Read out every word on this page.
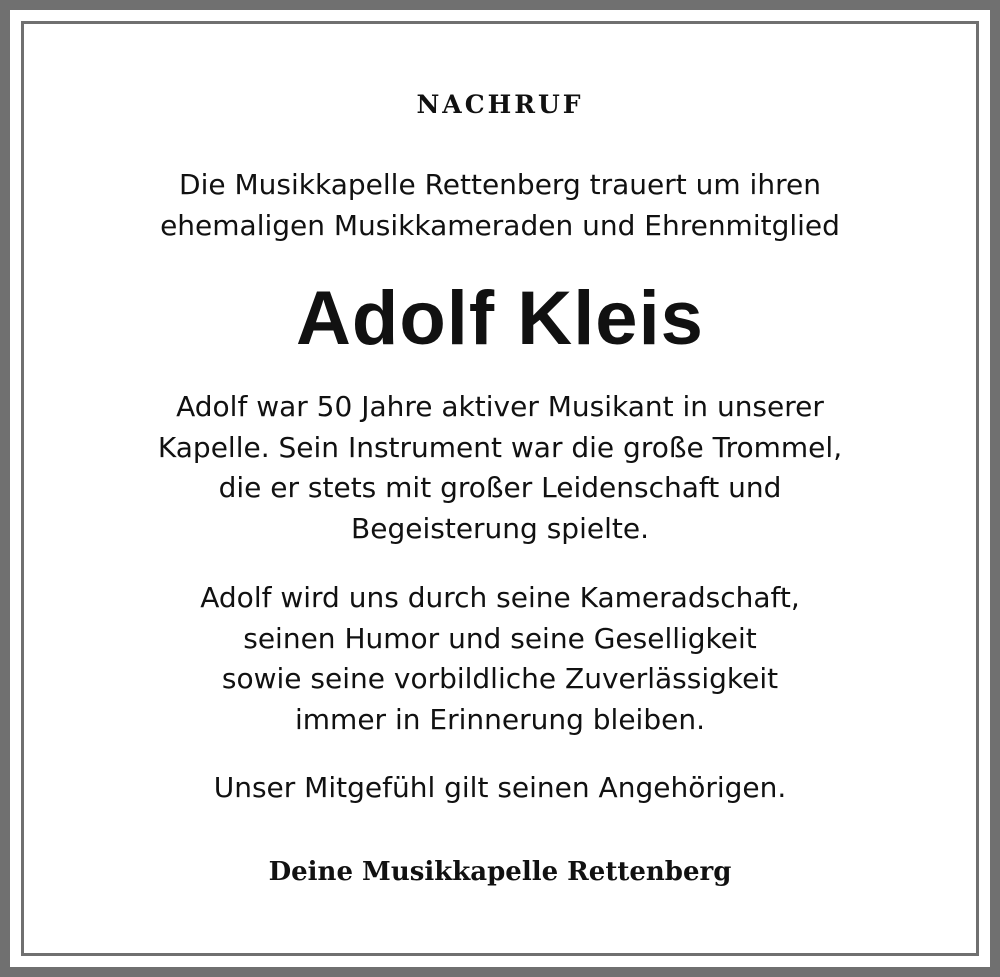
NACHRUF
Die Musikkapelle Rettenberg trauert um ihren
ehemaligen Musikkameraden und Ehrenmitglied
Adolf Kleis
Adolf war 50 Jahre aktiver Musikant in unserer
Kapelle. Sein Instrument war die große Trommel,
die er stets mit großer Leidenschaft und
Begeisterung spielte.
Adolf wird uns durch seine Kameradschaft,
seinen Humor und seine Geselligkeit
sowie seine vorbildliche Zuverlässigkeit
immer in Erinnerung bleiben.
Unser Mitgefühl gilt seinen Angehörigen.
Deine Musikkapelle Rettenberg
